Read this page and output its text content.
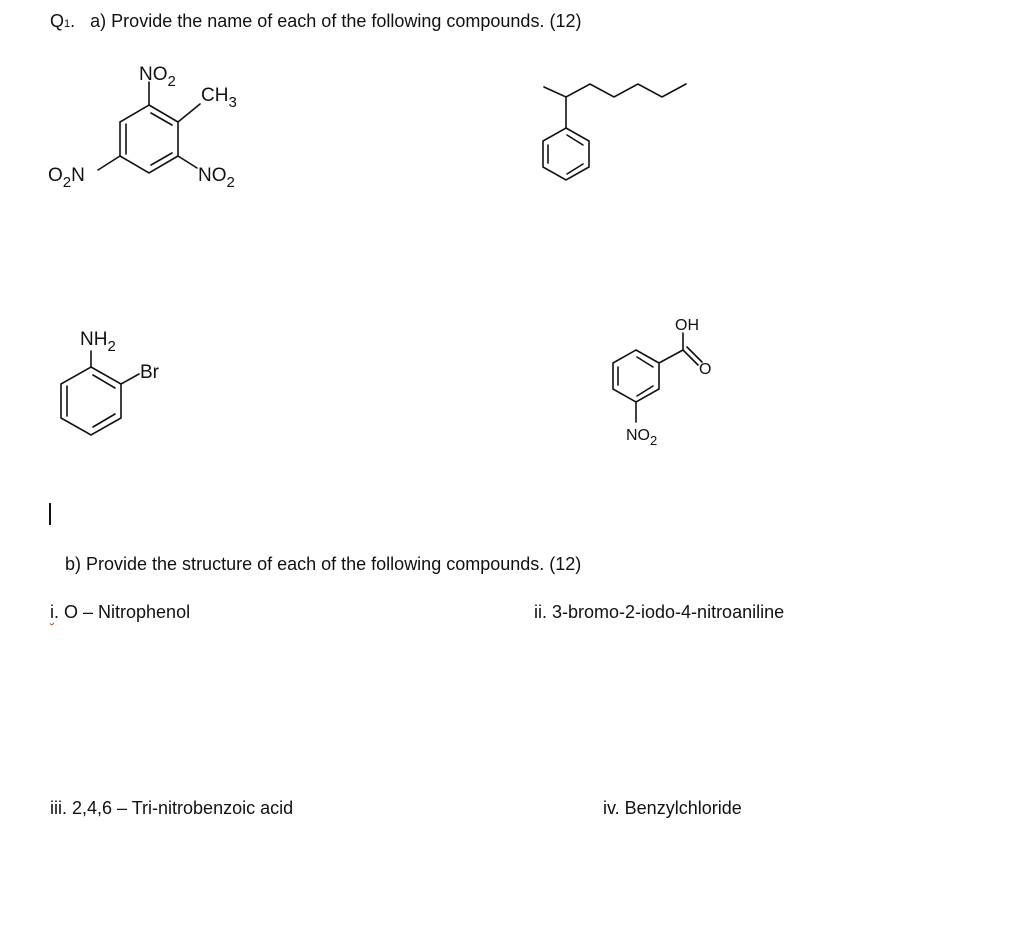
Q1. a) Provide the name of each of the following compounds. (12)
$NO_2$
$CH_3$
$O_2N$	$NO_2$
$NH_2$
Br
OH
O
$NO_2$
b) Provide the structure of each of the following compounds. (12)
i. O – Nitrophenol	ii. 3-bromo-2-iodo-4-nitroaniline
iii. 2,4,6 – Tri-nitrobenzoic acid	iv. Benzylchloride
